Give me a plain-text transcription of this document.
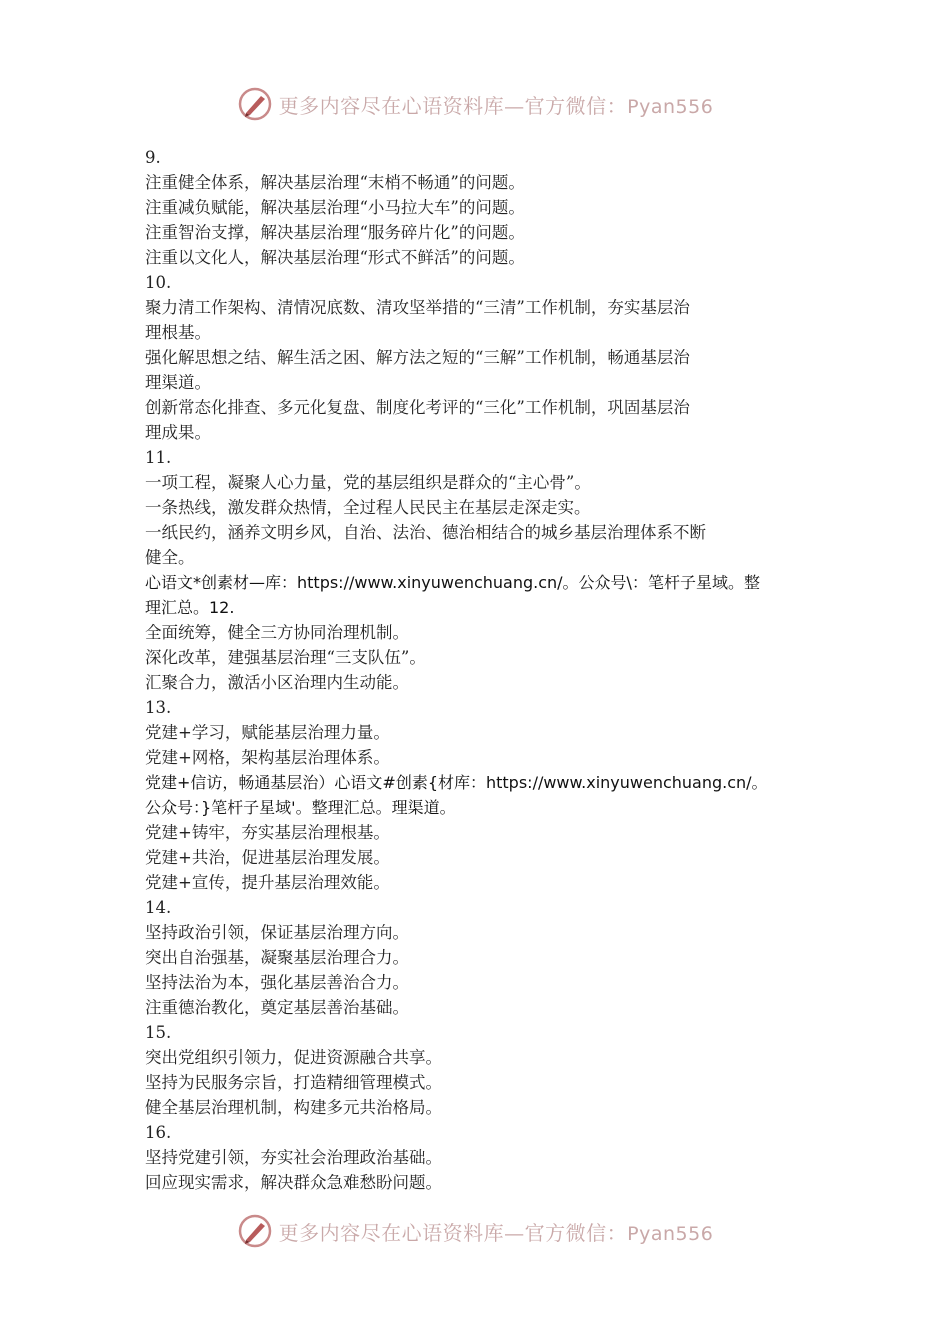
更多内容尽在心语资料库—官方微信：Pyan556
9.
注重健全体系，解决基层治理“末梢不畅通”的问题。
注重减负赋能，解决基层治理“小马拉大车”的问题。
注重智治支撑，解决基层治理“服务碎片化”的问题。
注重以文化人，解决基层治理“形式不鲜活”的问题。
10.
聚力清工作架构、清情况底数、清攻坚举措的“三清”工作机制，夯实基层治
理根基。
强化解思想之结、解生活之困、解方法之短的“三解”工作机制，畅通基层治
理渠道。
创新常态化排查、多元化复盘、制度化考评的“三化”工作机制，巩固基层治
理成果。
11.
一项工程，凝聚人心力量，党的基层组织是群众的“主心骨”。
一条热线，激发群众热情，全过程人民民主在基层走深走实。
一纸民约，涵养文明乡风，自治、法治、德治相结合的城乡基层治理体系不断
健全。
心语文*创素材—库：https://www.xinyuwenchuang.cn/。公众号\：笔杆子星域。整
理汇总。12.
全面统筹，健全三方协同治理机制。
深化改革，建强基层治理“三支队伍”。
汇聚合力，激活小区治理内生动能。
13.
党建+学习，赋能基层治理力量。
党建+网格，架构基层治理体系。
党建+信访，畅通基层治）心语文#创素{材库：https://www.xinyuwenchuang.cn/。
公众号：}笔杆子星域'。整理汇总。理渠道。
党建+铸牢，夯实基层治理根基。
党建+共治，促进基层治理发展。
党建+宣传，提升基层治理效能。
14.
坚持政治引领，保证基层治理方向。
突出自治强基，凝聚基层治理合力。
坚持法治为本，强化基层善治合力。
注重德治教化，奠定基层善治基础。
15.
突出党组织引领力，促进资源融合共享。
坚持为民服务宗旨，打造精细管理模式。
健全基层治理机制，构建多元共治格局。
16.
坚持党建引领，夯实社会治理政治基础。
回应现实需求，解决群众急难愁盼问题。
更多内容尽在心语资料库—官方微信：Pyan556
